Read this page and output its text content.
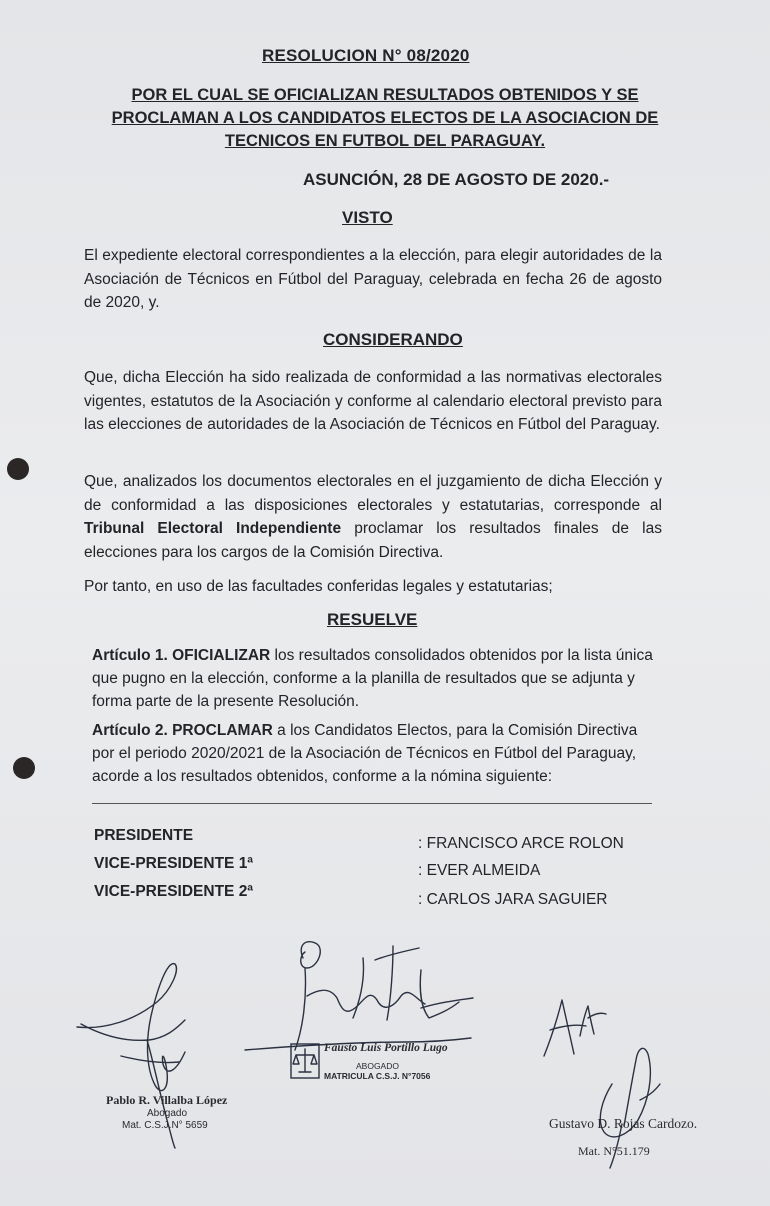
RESOLUCION N° 08/2020
POR EL CUAL SE OFICIALIZAN RESULTADOS OBTENIDOS Y SE PROCLAMAN A LOS CANDIDATOS ELECTOS DE LA ASOCIACION DE TECNICOS EN FUTBOL DEL PARAGUAY.
ASUNCIÓN, 28 DE AGOSTO DE 2020.-
VISTO
El expediente electoral correspondientes a la elección, para elegir autoridades de la Asociación de Técnicos en Fútbol del Paraguay, celebrada en fecha 26 de agosto de 2020, y.
CONSIDERANDO
Que, dicha Elección ha sido realizada de conformidad a las normativas electorales vigentes, estatutos de la Asociación y conforme al calendario electoral previsto para las elecciones de autoridades de la Asociación de Técnicos en Fútbol del Paraguay.
Que, analizados los documentos electorales en el juzgamiento de dicha Elección y de conformidad a las disposiciones electorales y estatutarias, corresponde al Tribunal Electoral Independiente proclamar los resultados finales de las elecciones para los cargos de la Comisión Directiva.
Por tanto, en uso de las facultades conferidas legales y estatutarias;
RESUELVE
Artículo 1. OFICIALIZAR los resultados consolidados obtenidos por la lista única que pugno en la elección, conforme a la planilla de resultados que se adjunta y forma parte de la presente Resolución.
Artículo 2. PROCLAMAR a los Candidatos Electos, para la Comisión Directiva por el periodo 2020/2021 de la Asociación de Técnicos en Fútbol del Paraguay, acorde a los resultados obtenidos, conforme a la nómina siguiente:
PRESIDENTE	: FRANCISCO ARCE ROLON
VICE-PRESIDENTE 1ª	: EVER ALMEIDA
VICE-PRESIDENTE 2ª	: CARLOS JARA SAGUIER
Pablo R. Villalba López
Abogado
Mat. C.S.J.N° 5659
Fausto Luis Portillo Lugo
ABOGADO
MATRICULA C.S.J. N°7056
Gustavo D. Rojas Cardozo.
Mat. N°51.179
